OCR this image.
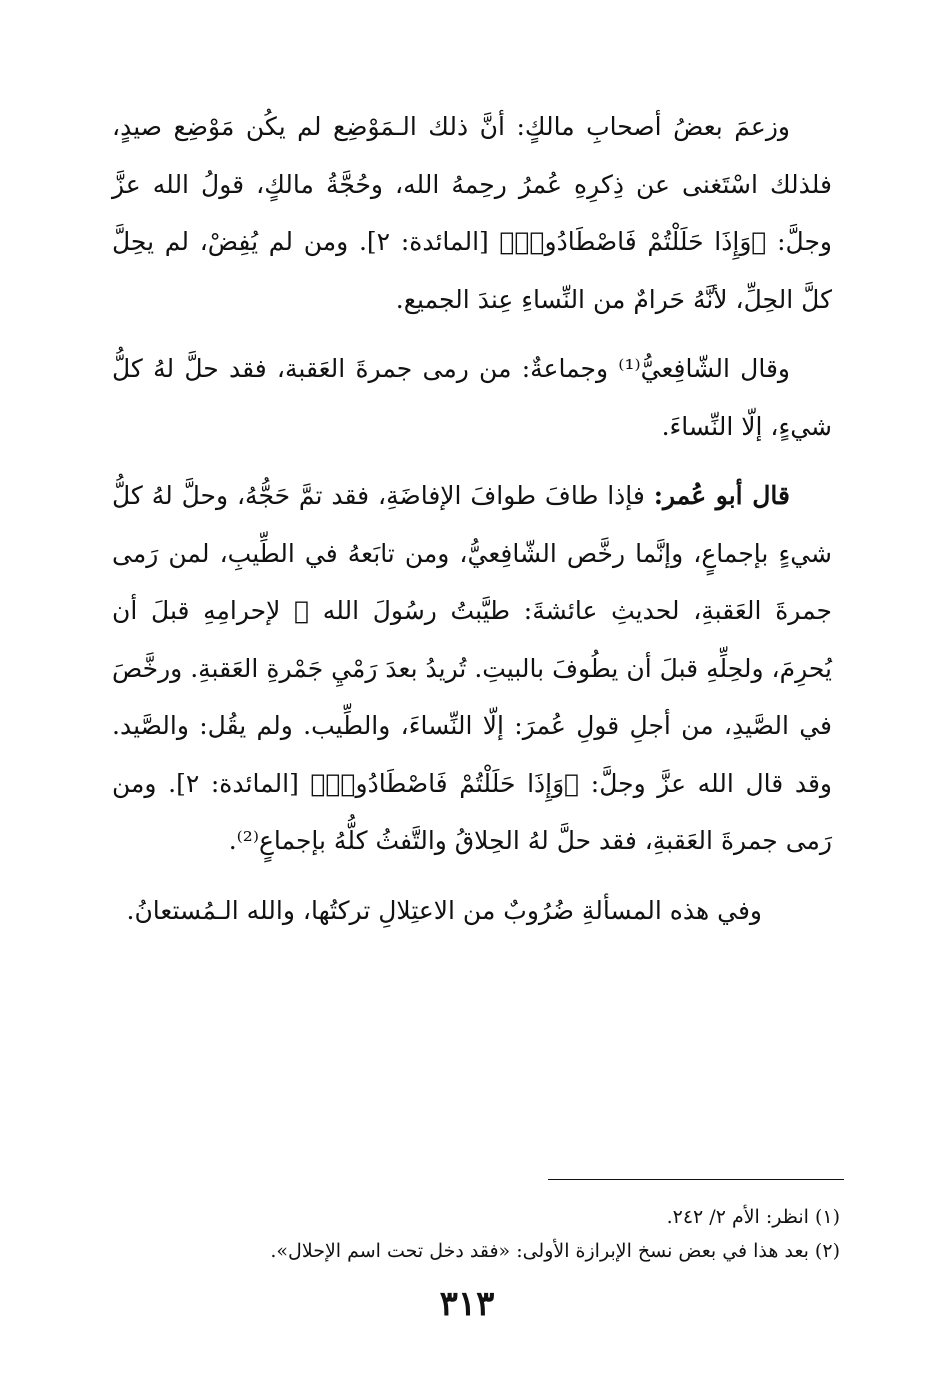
وزعمَ بعضُ أصحابِ مالكٍ: أنَّ ذلك الـمَوْضِع لم يكُن مَوْضِع صيدٍ، فلذلك اسْتَغنى عن ذِكرِهِ عُمرُ رحِمهُ الله، وحُجَّةُ مالكٍ، قولُ الله عزَّ وجلَّ: ﴿وَإِذَا حَلَلْتُمْ فَاصْطَادُوا۟﴾ [المائدة: ٢]. ومن لم يُفِضْ، لم يحِلَّ كلَّ الحِلِّ، لأنَّهُ حَرامٌ من النِّساءِ عِندَ الجميع.

وقال الشّافِعيُّ⁽¹⁾ وجماعةٌ: من رمى جمرةَ العَقبة، فقد حلَّ لهُ كلُّ شيءٍ، إلّا النِّساءَ.

قال أبو عُمر: فإذا طافَ طوافَ الإفاضَةِ، فقد تمَّ حَجُّهُ، وحلَّ لهُ كلُّ شيءٍ بإجماعٍ، وإنَّما رخَّص الشّافِعيُّ، ومن تابَعهُ في الطِّيبِ، لمن رَمى جمرةَ العَقبةِ، لحديثِ عائشةَ: طيَّبتُ رسُولَ الله ﷺ لإحرامِهِ قبلَ أن يُحرِمَ، ولحِلِّهِ قبلَ أن يطُوفَ بالبيتِ. تُريدُ بعدَ رَمْيِ جَمْرةِ العَقبةِ. ورخَّصَ في الصَّيدِ، من أجلِ قولِ عُمرَ: إلّا النِّساءَ، والطِّيب. ولم يقُل: والصَّيد. وقد قال الله عزَّ وجلَّ: ﴿وَإِذَا حَلَلْتُمْ فَاصْطَادُوا۟﴾ [المائدة: ٢]. ومن رَمى جمرةَ العَقبةِ، فقد حلَّ لهُ الحِلاقُ والتَّفثُ كلُّهُ بإجماعٍ⁽²⁾.

وفي هذه المسألةِ ضُرُوبٌ من الاعتِلالِ تركتُها، والله الـمُستعانُ.

(١) انظر: الأم ٢/ ٢٤٢.

(٢) بعد هذا في بعض نسخ الإبرازة الأولى: «فقد دخل تحت اسم الإحلال».

٣١٣
